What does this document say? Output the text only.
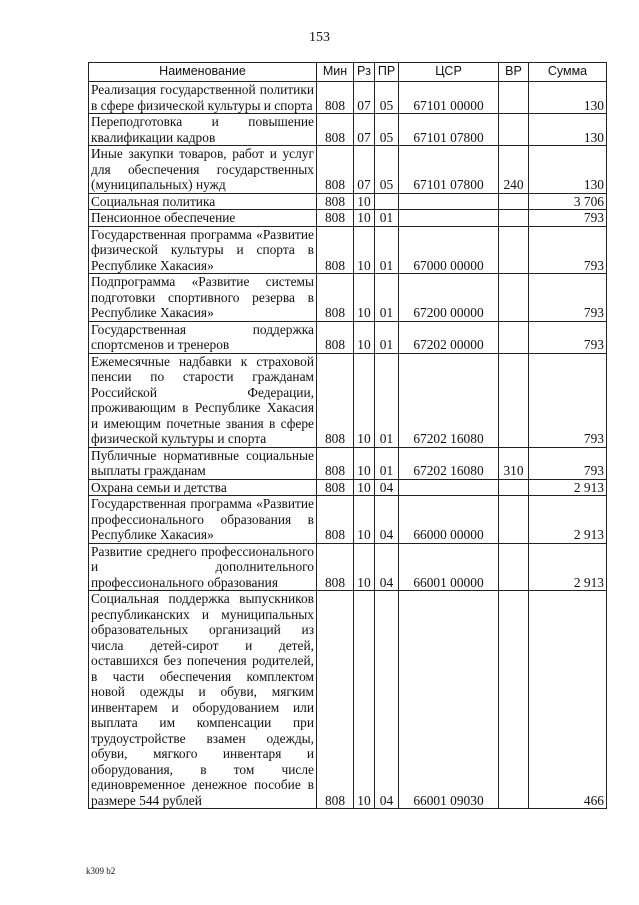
153
Наименование	Мин	Рз	ПР	ЦСР	ВР	Сумма
Реализация государственной политики в сфере физической культуры и спорта	808	07	05	67101 00000		130
Переподготовка и повышение квалификации кадров	808	07	05	67101 07800		130
Иные закупки товаров, работ и услуг для обеспечения государственных (муниципальных) нужд	808	07	05	67101 07800	240	130
Социальная политика	808	10				3 706
Пенсионное обеспечение	808	10	01			793
Государственная программа «Развитие физической культуры и спорта в Республике Хакасия»	808	10	01	67000 00000		793
Подпрограмма «Развитие системы подготовки спортивного резерва в Республике Хакасия»	808	10	01	67200 00000		793
Государственная поддержка спортсменов и тренеров	808	10	01	67202 00000		793
Ежемесячные надбавки к страховой пенсии по старости гражданам Российской Федерации, проживающим в Республике Хакасия и имеющим почетные звания в сфере физической культуры и спорта	808	10	01	67202 16080		793
Публичные нормативные социальные выплаты гражданам	808	10	01	67202 16080	310	793
Охрана семьи и детства	808	10	04			2 913
Государственная программа «Развитие профессионального образования в Республике Хакасия»	808	10	04	66000 00000		2 913
Развитие среднего профессионального и дополнительного профессионального образования	808	10	04	66001 00000		2 913
Социальная поддержка выпускников республиканских и муниципальных образовательных организаций из числа детей-сирот и детей, оставшихся без попечения родителей, в части обеспечения комплектом новой одежды и обуви, мягким инвентарем и оборудованием или выплата им компенсации при трудоустройстве взамен одежды, обуви, мягкого инвентаря и оборудования, в том числе единовременное денежное пособие в размере 544 рублей	808	10	04	66001 09030		466
k309 b2
